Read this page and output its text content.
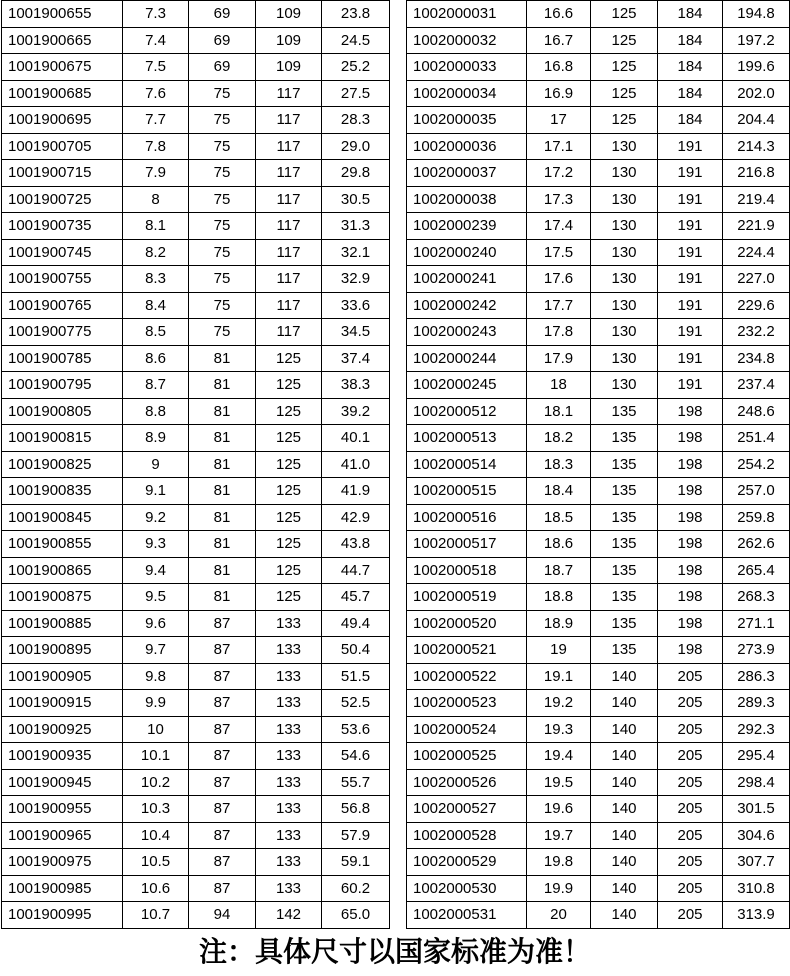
1001900655	7.3	69	109	23.8
1001900665	7.4	69	109	24.5
1001900675	7.5	69	109	25.2
1001900685	7.6	75	117	27.5
1001900695	7.7	75	117	28.3
1001900705	7.8	75	117	29.0
1001900715	7.9	75	117	29.8
1001900725	8	75	117	30.5
1001900735	8.1	75	117	31.3
1001900745	8.2	75	117	32.1
1001900755	8.3	75	117	32.9
1001900765	8.4	75	117	33.6
1001900775	8.5	75	117	34.5
1001900785	8.6	81	125	37.4
1001900795	8.7	81	125	38.3
1001900805	8.8	81	125	39.2
1001900815	8.9	81	125	40.1
1001900825	9	81	125	41.0
1001900835	9.1	81	125	41.9
1001900845	9.2	81	125	42.9
1001900855	9.3	81	125	43.8
1001900865	9.4	81	125	44.7
1001900875	9.5	81	125	45.7
1001900885	9.6	87	133	49.4
1001900895	9.7	87	133	50.4
1001900905	9.8	87	133	51.5
1001900915	9.9	87	133	52.5
1001900925	10	87	133	53.6
1001900935	10.1	87	133	54.6
1001900945	10.2	87	133	55.7
1001900955	10.3	87	133	56.8
1001900965	10.4	87	133	57.9
1001900975	10.5	87	133	59.1
1001900985	10.6	87	133	60.2
1001900995	10.7	94	142	65.0
1002000031	16.6	125	184	194.8
1002000032	16.7	125	184	197.2
1002000033	16.8	125	184	199.6
1002000034	16.9	125	184	202.0
1002000035	17	125	184	204.4
1002000036	17.1	130	191	214.3
1002000037	17.2	130	191	216.8
1002000038	17.3	130	191	219.4
1002000239	17.4	130	191	221.9
1002000240	17.5	130	191	224.4
1002000241	17.6	130	191	227.0
1002000242	17.7	130	191	229.6
1002000243	17.8	130	191	232.2
1002000244	17.9	130	191	234.8
1002000245	18	130	191	237.4
1002000512	18.1	135	198	248.6
1002000513	18.2	135	198	251.4
1002000514	18.3	135	198	254.2
1002000515	18.4	135	198	257.0
1002000516	18.5	135	198	259.8
1002000517	18.6	135	198	262.6
1002000518	18.7	135	198	265.4
1002000519	18.8	135	198	268.3
1002000520	18.9	135	198	271.1
1002000521	19	135	198	273.9
1002000522	19.1	140	205	286.3
1002000523	19.2	140	205	289.3
1002000524	19.3	140	205	292.3
1002000525	19.4	140	205	295.4
1002000526	19.5	140	205	298.4
1002000527	19.6	140	205	301.5
1002000528	19.7	140	205	304.6
1002000529	19.8	140	205	307.7
1002000530	19.9	140	205	310.8
1002000531	20	140	205	313.9
注：具体尺寸以国家标准为准！
